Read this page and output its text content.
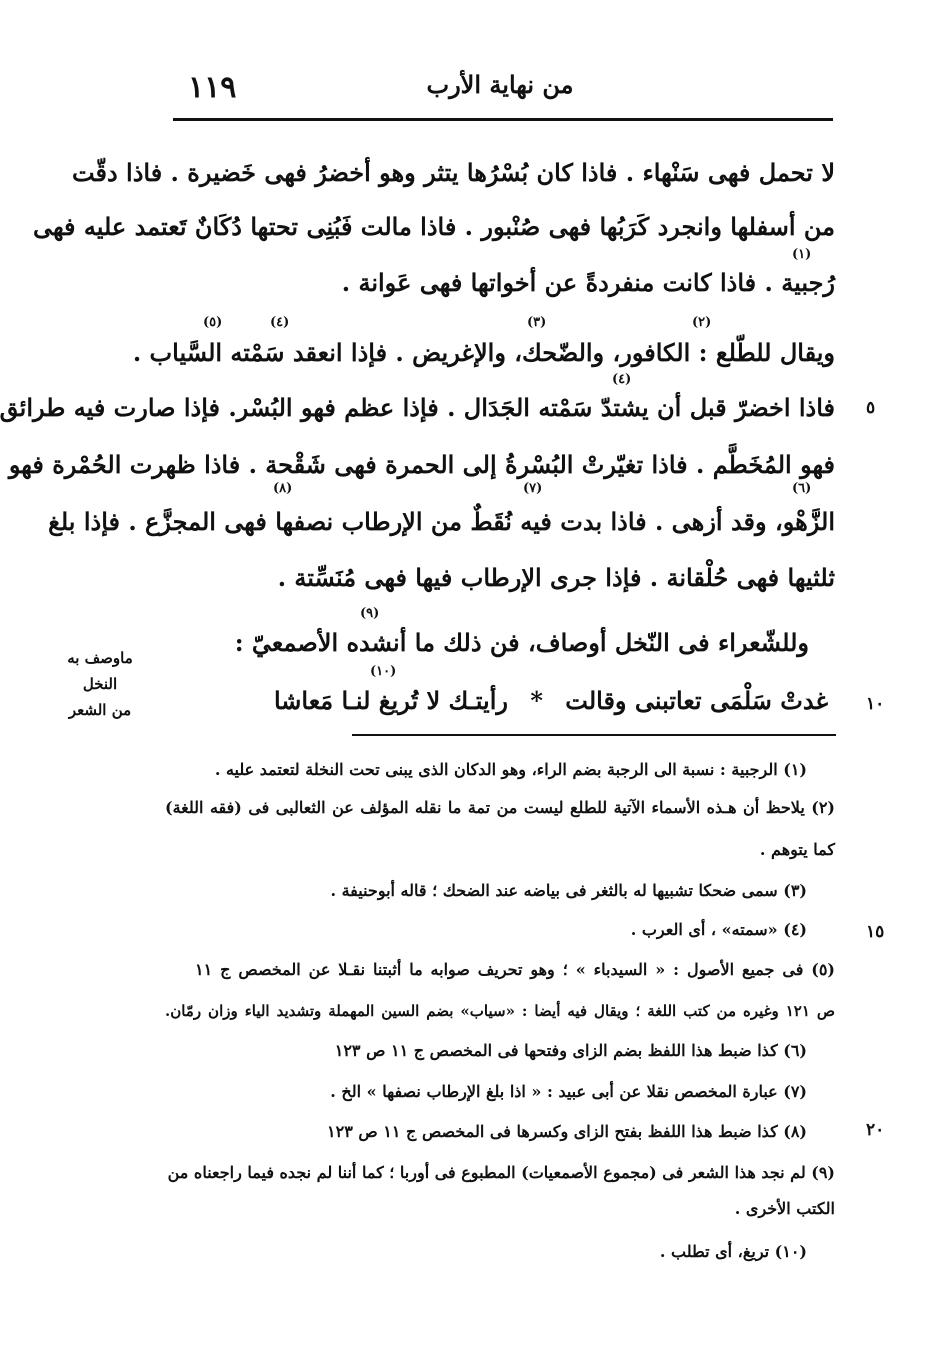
١١٩	من نهاية الأرب
لا تحمل فهى سَنْهاء . فاذا كان بُسْرُها يتثر وهو أخضرُ فهى خَضيرة . فاذا دقّت
من أسفلها وانجرد كَرَبُها فهى صُنْبور . فاذا مالت فَبُنِى تحتها دُكَانٌ تَعتمد عليه فهى
(١)
رُجبية . فاذا كانت منفردةً عن أخواتها فهى عَوانة .
(٢)
(٣)
(٤)
(٥)
ويقال للطّلع : الكافور، والضّحك، والإغريض . فإذا انعقد سَمْته السَّياب .
(٤)
فاذا اخضرّ قبل أن يشتدّ سَمْته الجَدَال . فإذا عظم فهو البُسْر. فإذا صارت فيه طرائق
فهو المُخَطَّم . فاذا تغيّرتْ البُسْرةُ إلى الحمرة فهى شَقْحة . فاذا ظهرت الحُمْرة فهو
(٦)
(٧)
(٨)
الزَّهْو، وقد أزهى . فاذا بدت فيه نُقَطٌ من الإرطاب نصفها فهى المجزَّع . فإذا بلغ
ثلثيها فهى حُلْقانة . فإذا جرى الإرطاب فيها فهى مُنَسِّتة .
(٩)
وللشّعراء فى النّخل أوصاف، فن ذلك ما أنشده الأصمعيّ :
(١٠)
غدتْ سَلْمَى تعاتبنى وقالت * رأيتـك لا تُريغ لنـا مَعاشا
٥
١٠
١٥
٢٠
ماوصف به النخل
من الشعر
(١) الرجبية : نسبة الى الرجبة بضم الراء، وهو الدكان الذى يبنى تحت النخلة لتعتمد عليه .
(٢) يلاحظ أن هـذه الأسماء الآتية للطلع ليست من تمة ما نقله المؤلف عن الثعالبى فى (فقه اللغة)
كما يتوهم .
(٣) سمى ضحكا تشبيها له بالثغر فى بياضه عند الضحك ؛ قاله أبوحنيفة .
(٤) «سمته» ، أى العرب .
(٥) فى جميع الأصول : « السيدباء » ؛ وهو تحريف صوابه ما أثبتنا نقـلا عن المخصص ج ١١
ص ١٢١ وغيره من كتب اللغة ؛ ويقال فيه أيضا : «سياب» بضم السين المهملة وتشديد الياء وزان رمّان.
(٦) كذا ضبط هذا اللفظ بضم الزاى وفتحها فى المخصص ج ١١ ص ١٢٣
(٧) عبارة المخصص نقلا عن أبى عبيد : « اذا بلغ الإرطاب نصفها » الخ .
(٨) كذا ضبط هذا اللفظ بفتح الزاى وكسرها فى المخصص ج ١١ ص ١٢٣
(٩) لم نجد هذا الشعر فى (مجموع الأصمعيات) المطبوع فى أوربا ؛ كما أننا لم نجده فيما راجعناه من
الكتب الأخرى .
(١٠) تريغ، أى تطلب .
